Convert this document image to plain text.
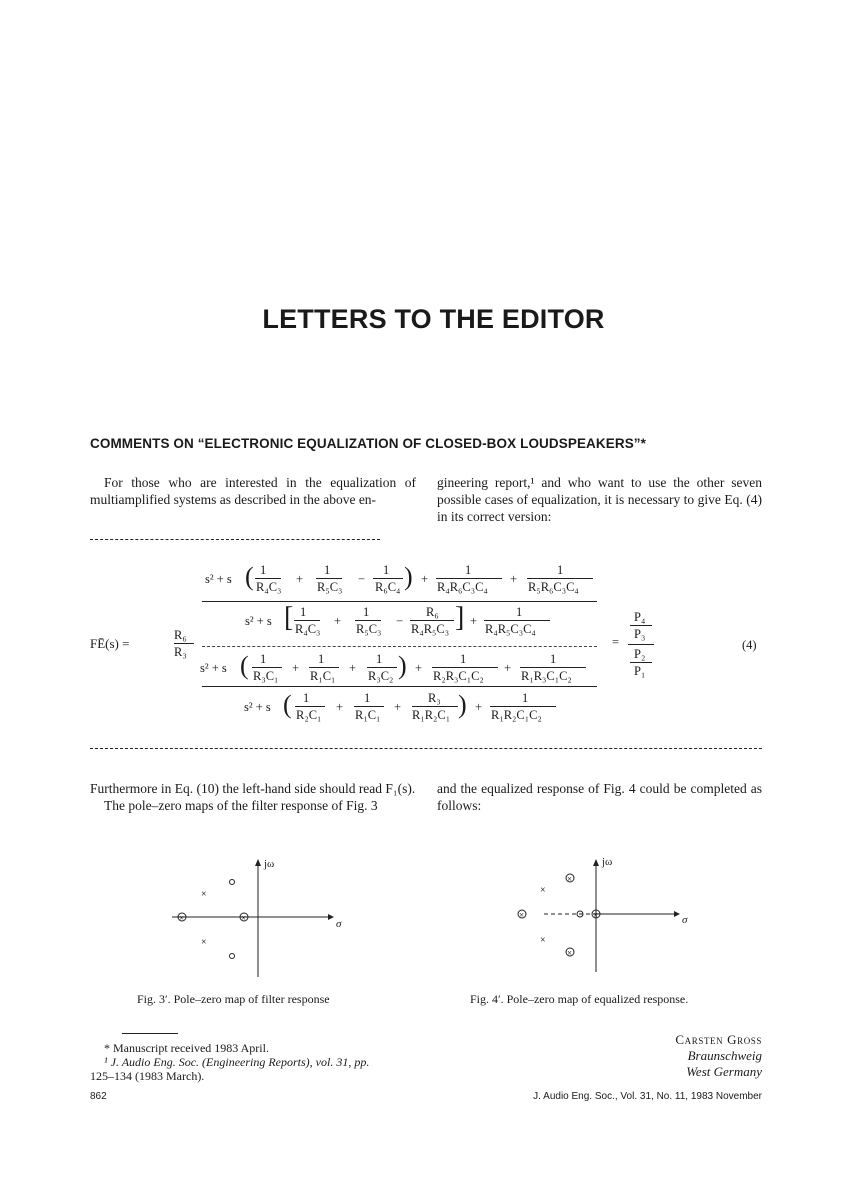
LETTERS TO THE EDITOR
COMMENTS ON “ELECTRONIC EQUALIZATION OF CLOSED-BOX LOUDSPEAKERS”*
For those who are interested in the equalization of multiamplified systems as described in the above en-
gineering report,¹ and who want to use the other seven possible cases of equalization, it is necessary to give Eq. (4) in its correct version:
s² + s ( 1
R₄C₃
+
1
R₅C₃
−
1
R₆C₄ ) +
1
R₄R₆C₃C₄
+
1
R₅R₆C₃C₄
s² + s [ 1
R₄C₃
+
1
R₅C₃
−
R₆
R₄R₅C₃ ] +
1
R₄R₅C₃C₄
FĒ(s) =
R₆
R₃
s² + s ( 1
R₃C₁
+
1
R₁C₁
+
1
R₃C₂ ) +
1
R₂R₃C₁C₂
+
1
R₁R₃C₁C₂
s² + s ( 1
R₂C₁
+
1
R₁C₁
+
R₃
R₁R₂C₁ ) +
1
R₁R₂C₁C₂
=
P₄
P₃
P₂
P₁
(4)
Furthermore in Eq. (10) the left-hand side should read F₁(s).
The pole–zero maps of the filter response of Fig. 3
and the equalized response of Fig. 4 could be completed as follows:
×	×
×
×
jω
σ
Fig. 3′. Pole–zero map of filter response
×	×
×
×
×
×
jω
σ
Fig. 4′. Pole–zero map of equalized response.
* Manuscript received 1983 April.
¹ J. Audio Eng. Soc. (Engineering Reports), vol. 31, pp.
125–134 (1983 March).
Carsten Gross
Braunschweig
West Germany
862	J. Audio Eng. Soc., Vol. 31, No. 11, 1983 November
